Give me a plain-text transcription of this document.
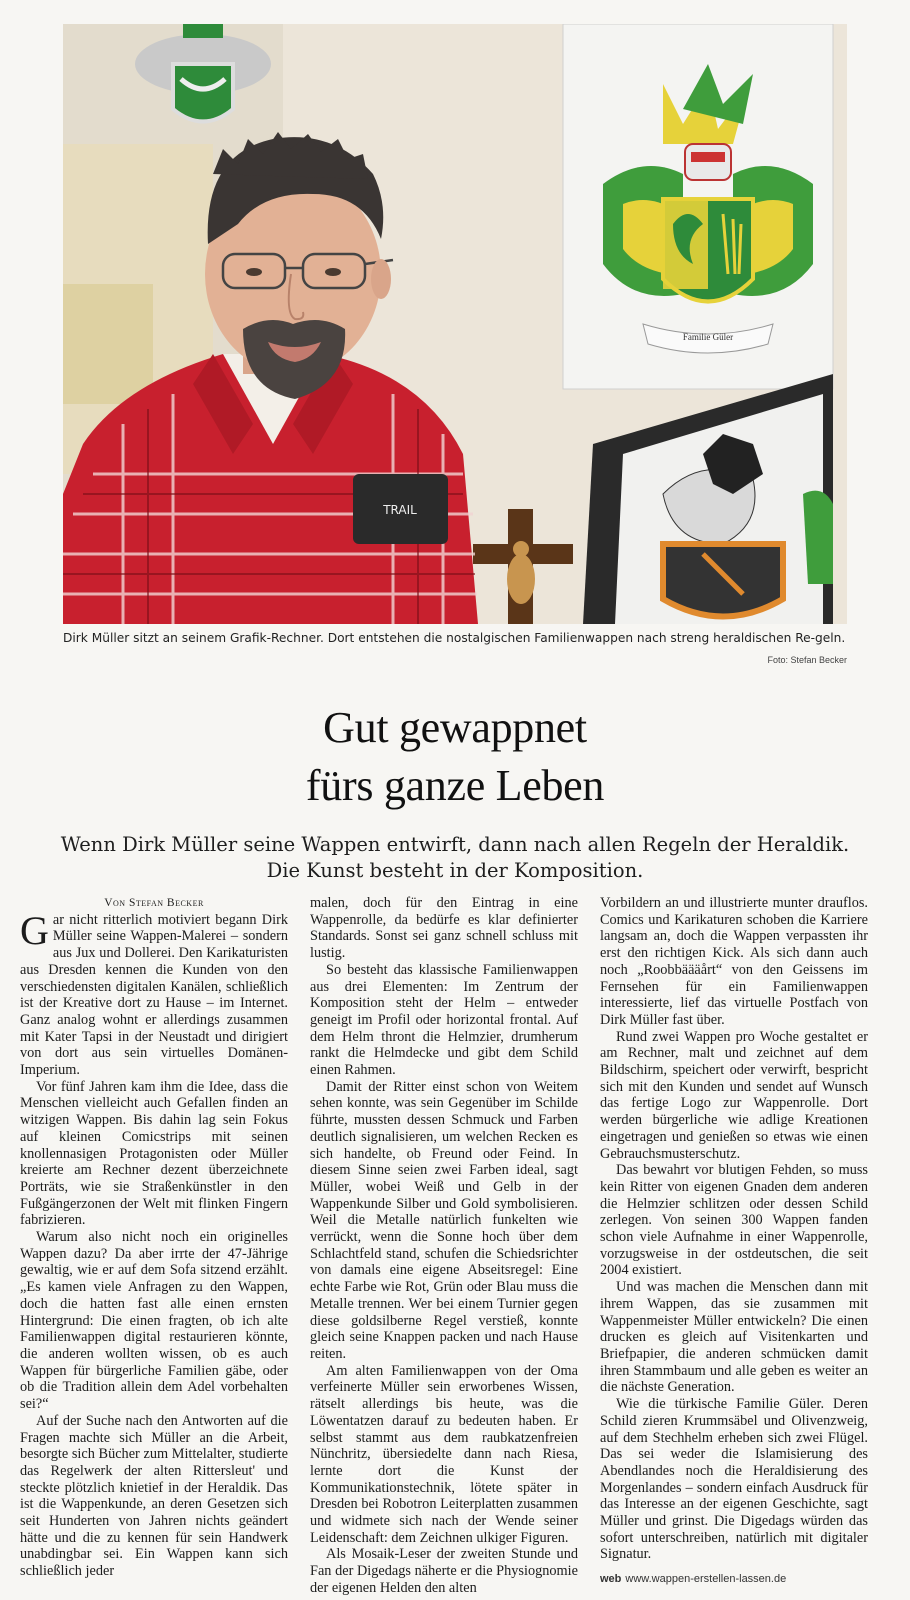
Familie Güler
TRAIL
Dirk Müller sitzt an seinem Grafik-Rechner. Dort entstehen die nostalgischen Familienwappen nach streng heraldischen Re-geln.
Foto: Stefan Becker
Gut gewappnet
fürs ganze Leben
Wenn Dirk Müller seine Wappen entwirft, dann nach allen Regeln der Heraldik.
Die Kunst besteht in der Komposition.

Von Stefan Becker

Gar nicht ritterlich motiviert begann Dirk Müller seine Wappen-Malerei – sondern aus Jux und Dollerei. Den Karikaturisten aus Dresden kennen die Kunden von den verschiedensten digitalen Kanälen, schließlich ist der Kreative dort zu Hause – im Internet. Ganz analog wohnt er allerdings zusammen mit Kater Tapsi in der Neustadt und dirigiert von dort aus sein virtuelles Domänen-Imperium.

Vor fünf Jahren kam ihm die Idee, dass die Menschen vielleicht auch Gefallen finden an witzigen Wappen. Bis dahin lag sein Fokus auf kleinen Comicstrips mit seinen knollennasigen Protagonisten oder Müller kreierte am Rechner dezent überzeichnete Porträts, wie sie Straßenkünstler in den Fußgängerzonen der Welt mit flinken Fingern fabrizieren.

Warum also nicht noch ein originelles Wappen dazu? Da aber irrte der 47-Jährige gewaltig, wie er auf dem Sofa sitzend erzählt. „Es kamen viele Anfragen zu den Wappen, doch die hatten fast alle einen ernsten Hintergrund: Die einen fragten, ob ich alte Familienwappen digital restaurieren könnte, die anderen wollten wissen, ob es auch Wappen für bürgerliche Familien gäbe, oder ob die Tradition allein dem Adel vorbehalten sei?“

Auf der Suche nach den Antworten auf die Fragen machte sich Müller an die Arbeit, besorgte sich Bücher zum Mittelalter, studierte das Regelwerk der alten Rittersleut' und steckte plötzlich knietief in der Heraldik. Das ist die Wappenkunde, an deren Gesetzen sich seit Hunderten von Jahren nichts geändert hätte und die zu kennen für sein Handwerk unabdingbar sei. Ein Wappen kann sich schließlich jeder

malen, doch für den Eintrag in eine Wappenrolle, da bedürfe es klar definierter Standards. Sonst sei ganz schnell schluss mit lustig.

So besteht das klassische Familienwappen aus drei Elementen: Im Zentrum der Komposition steht der Helm – entweder geneigt im Profil oder horizontal frontal. Auf dem Helm thront die Helmzier, drumherum rankt die Helmdecke und gibt dem Schild einen Rahmen.

Damit der Ritter einst schon von Weitem sehen konnte, was sein Gegenüber im Schilde führte, mussten dessen Schmuck und Farben deutlich signalisieren, um welchen Recken es sich handelte, ob Freund oder Feind. In diesem Sinne seien zwei Farben ideal, sagt Müller, wobei Weiß und Gelb in der Wappenkunde Silber und Gold symbolisieren. Weil die Metalle natürlich funkelten wie verrückt, wenn die Sonne hoch über dem Schlachtfeld stand, schufen die Schiedsrichter von damals eine eigene Abseitsregel: Eine echte Farbe wie Rot, Grün oder Blau muss die Metalle trennen. Wer bei einem Turnier gegen diese goldsilberne Regel verstieß, konnte gleich seine Knappen packen und nach Hause reiten.

Am alten Familienwappen von der Oma verfeinerte Müller sein erworbenes Wissen, rätselt allerdings bis heute, was die Löwentatzen darauf zu bedeuten haben. Er selbst stammt aus dem raubkatzenfreien Nünchritz, übersiedelte dann nach Riesa, lernte dort die Kunst der Kommunikationstechnik, lötete später in Dresden bei Robotron Leiterplatten zusammen und widmete sich nach der Wende seiner Leidenschaft: dem Zeichnen ulkiger Figuren.

Als Mosaik-Leser der zweiten Stunde und Fan der Digedags näherte er die Physiognomie der eigenen Helden den alten

Vorbildern an und illustrierte munter drauflos. Comics und Karikaturen schoben die Karriere langsam an, doch die Wappen verpassten ihr erst den richtigen Kick. Als sich dann auch noch „Roobbäääårt“ von den Geissens im Fernsehen für ein Familienwappen interessierte, lief das virtuelle Postfach von Dirk Müller fast über.

Rund zwei Wappen pro Woche gestaltet er am Rechner, malt und zeichnet auf dem Bildschirm, speichert oder verwirft, bespricht sich mit den Kunden und sendet auf Wunsch das fertige Logo zur Wappenrolle. Dort werden bürgerliche wie adlige Kreationen eingetragen und genießen so etwas wie einen Gebrauchsmusterschutz.

Das bewahrt vor blutigen Fehden, so muss kein Ritter von eigenen Gnaden dem anderen die Helmzier schlitzen oder dessen Schild zerlegen. Von seinen 300 Wappen fanden schon viele Aufnahme in einer Wappenrolle, vorzugsweise in der ostdeutschen, die seit 2004 existiert.

Und was machen die Menschen dann mit ihrem Wappen, das sie zusammen mit Wappenmeister Müller entwickeln? Die einen drucken es gleich auf Visitenkarten und Briefpapier, die anderen schmücken damit ihren Stammbaum und alle geben es weiter an die nächste Generation.

Wie die türkische Familie Güler. Deren Schild zieren Krummsäbel und Olivenzweig, auf dem Stechhelm erheben sich zwei Flügel. Das sei weder die Islamisierung des Abendlandes noch die Heraldisierung des Morgenlandes – sondern einfach Ausdruck für das Interesse an der eigenen Geschichte, sagt Müller und grinst. Die Digedags würden das sofort unterschreiben, natürlich mit digitaler Signatur.

web www.wappen-erstellen-lassen.de
